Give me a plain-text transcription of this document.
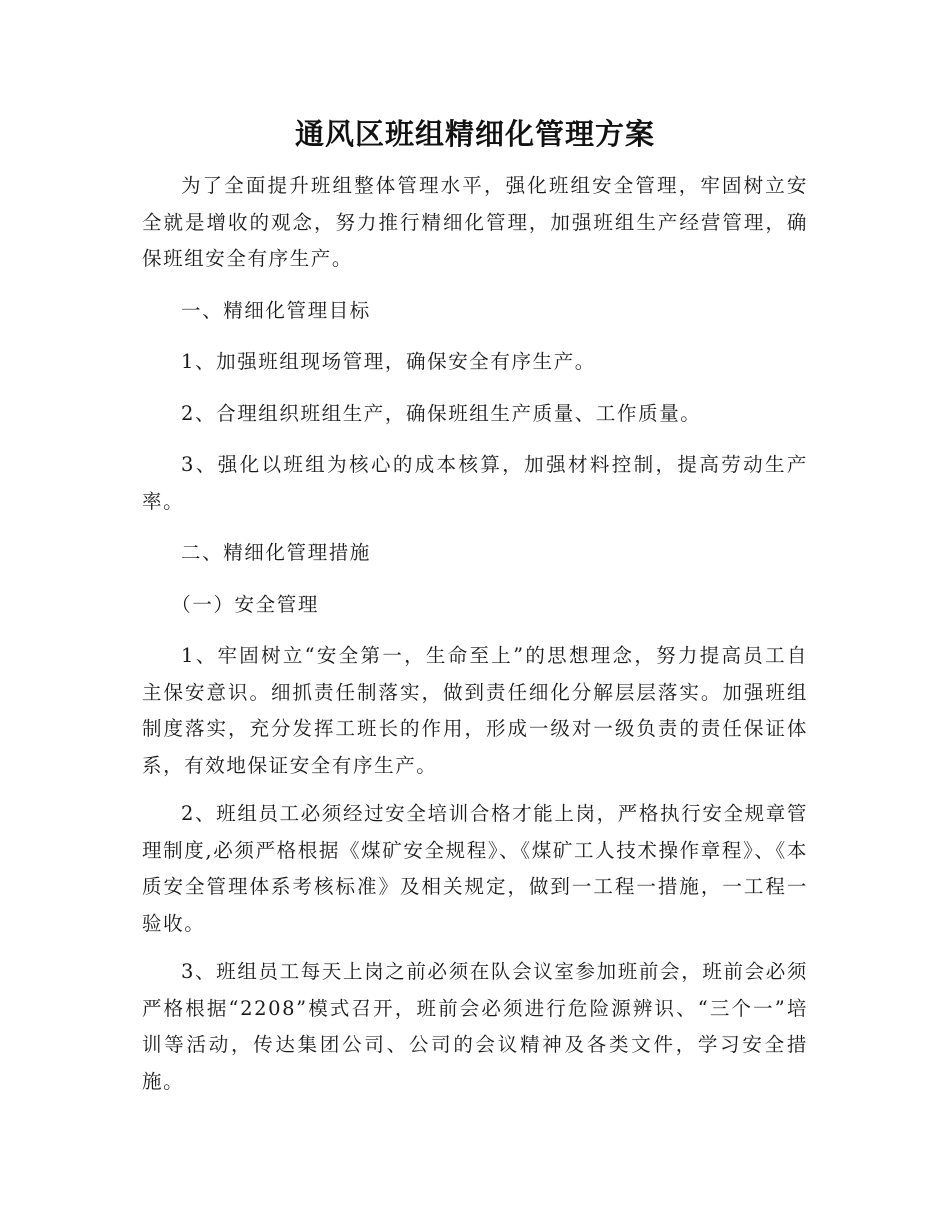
通风区班组精细化管理方案

为了全面提升班组整体管理水平，强化班组安全管理，牢固树立安全就是增收的观念，努力推行精细化管理，加强班组生产经营管理，确保班组安全有序生产。

一、精细化管理目标

1、加强班组现场管理，确保安全有序生产。

2、合理组织班组生产，确保班组生产质量、工作质量。

3、强化以班组为核心的成本核算，加强材料控制，提高劳动生产率。

二、精细化管理措施

（一）安全管理

1、牢固树立“安全第一，生命至上”的思想理念，努力提高员工自主保安意识。细抓责任制落实，做到责任细化分解层层落实。加强班组制度落实，充分发挥工班长的作用，形成一级对一级负责的责任保证体系，有效地保证安全有序生产。

2、班组员工必须经过安全培训合格才能上岗，严格执行安全规章管理制度,必须严格根据《煤矿安全规程》、《煤矿工人技术操作章程》、《本质安全管理体系考核标准》及相关规定，做到一工程一措施，一工程一验收。

3、班组员工每天上岗之前必须在队会议室参加班前会，班前会必须严格根据“2208”模式召开，班前会必须进行危险源辨识、“三个一”培训等活动，传达集团公司、公司的会议精神及各类文件，学习安全措施。
